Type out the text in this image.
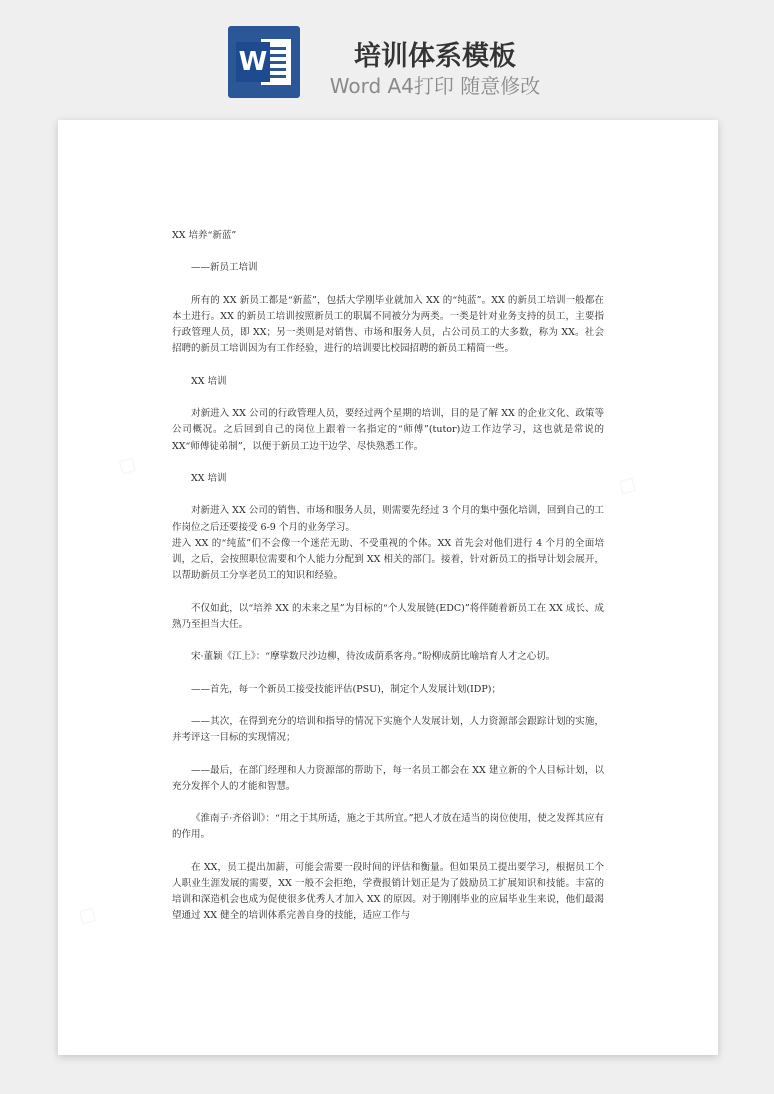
W	培训体系模板
Word A4打印 随意修改

XX 培养“新蓝”

——新员工培训

所有的 XX 新员工都是“新蓝”，包括大学刚毕业就加入 XX 的“纯蓝”。XX 的新员工培训一般都在本土进行。XX 的新员工培训按照新员工的职属不同被分为两类。一类是针对业务支持的员工，主要指行政管理人员，即 XX；另一类则是对销售、市场和服务人员，占公司员工的大多数，称为 XX。社会招聘的新员工培训因为有工作经验，进行的培训要比校园招聘的新员工精简一些。

XX 培训

对新进入 XX 公司的行政管理人员，要经过两个星期的培训，目的是了解 XX 的企业文化、政策等公司概况。之后回到自己的岗位上跟着一名指定的“师傅”(tutor)边工作边学习，这也就是常说的 XX“师傅徒弟制”，以便于新员工边干边学、尽快熟悉工作。

XX 培训

对新进入 XX 公司的销售、市场和服务人员，则需要先经过 3 个月的集中强化培训，回到自己的工作岗位之后还要接受 6-9 个月的业务学习。

进入 XX 的“纯蓝”们不会像一个迷茫无助、不受重视的个体。XX 首先会对他们进行 4 个月的全面培训，之后，会按照职位需要和个人能力分配到 XX 相关的部门。接着，针对新员工的指导计划会展开，以帮助新员工分享老员工的知识和经验。

不仅如此，以“培养 XX 的未来之星”为目标的“个人发展链(EDC)”将伴随着新员工在 XX 成长、成熟乃至担当大任。

宋·董颖《江上》：“摩挲数尺沙边柳，待汝成荫系客舟。”盼柳成荫比喻培育人才之心切。

——首先，每一个新员工接受技能评估(PSU)，制定个人发展计划(IDP)；

——其次，在得到充分的培训和指导的情况下实施个人发展计划，人力资源部会跟踪计划的实施，并考评这一目标的实现情况；

——最后，在部门经理和人力资源部的帮助下，每一名员工都会在 XX 建立新的个人目标计划，以充分发挥个人的才能和智慧。

《淮南子·齐俗训》：“用之于其所适，施之于其所宜。”把人才放在适当的岗位使用，使之发挥其应有的作用。

在 XX，员工提出加薪，可能会需要一段时间的评估和衡量。但如果员工提出要学习，根据员工个人职业生涯发展的需要，XX 一般不会拒绝，学费报销计划正是为了鼓励员工扩展知识和技能。丰富的培训和深造机会也成为促使很多优秀人才加入 XX 的原因。对于刚刚毕业的应届毕业生来说，他们最渴望通过 XX 健全的培训体系完善自身的技能，适应工作与
